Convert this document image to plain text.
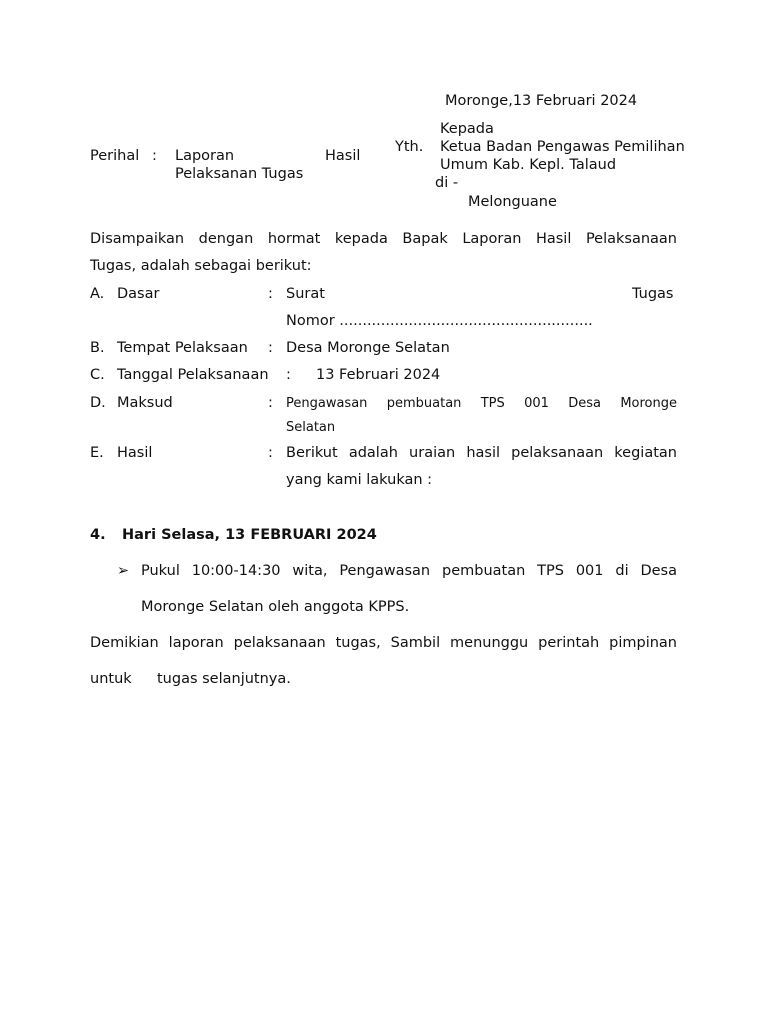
Moronge,13 Februari 2024
Perihal : Laporan	Hasil
Pelaksanan Tugas
Yth.
Kepada
Ketua Badan Pengawas Pemilihan
Umum Kab. Kepl. Talaud
di -
Melonguane
Disampaikan dengan hormat kepada Bapak Laporan Hasil Pelaksanaan
Tugas, adalah sebagai berikut:
A. Dasar	: Surat	Tugas
Nomor .......................................................
B. Tempat Pelaksaan : Desa Moronge Selatan
C. Tanggal Pelaksanaan : 13 Februari 2024
D. Maksud	: Pengawasan pembuatan TPS 001 Desa Moronge
Selatan
E. Hasil	: Berikut adalah uraian hasil pelaksanaan kegiatan
yang kami lakukan :
4. Hari Selasa, 13 FEBRUARI 2024
➢ Pukul 10:00-14:30 wita, Pengawasan pembuatan TPS 001 di Desa
Moronge Selatan oleh anggota KPPS.
Demikian laporan pelaksanaan tugas, Sambil menunggu perintah pimpinan
untuk tugas selanjutnya.
